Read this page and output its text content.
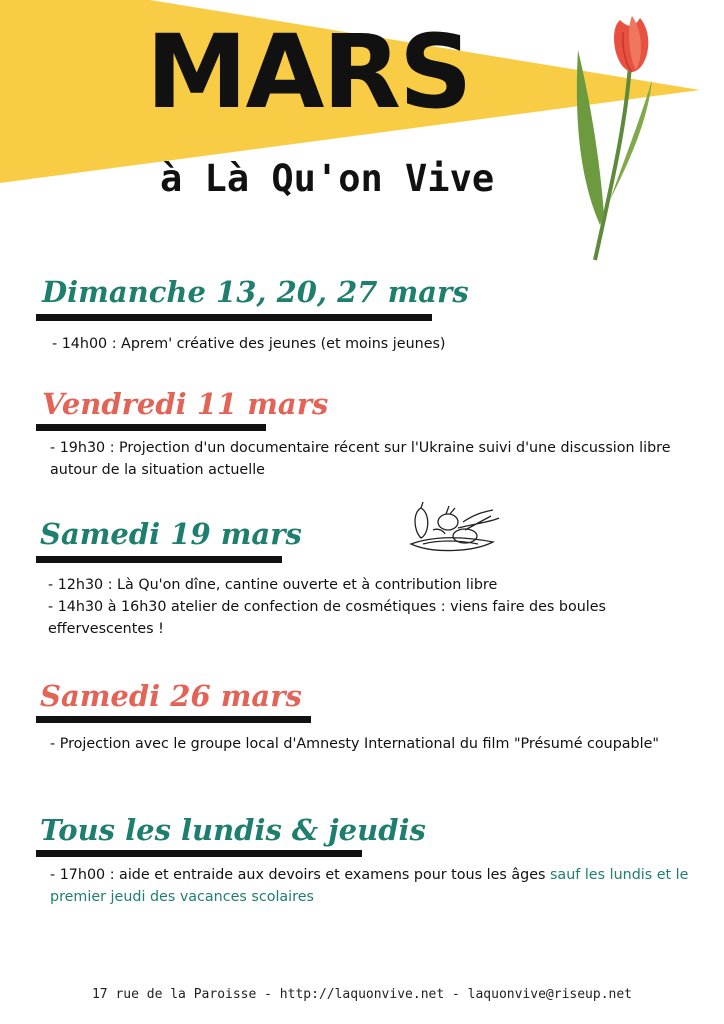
MARS
à Là Qu'on Vive
Dimanche 13, 20, 27 mars

- 14h00 : Aprem' créative des jeunes (et moins jeunes)

Vendredi 11 mars

- 19h30 : Projection d'un documentaire récent sur l'Ukraine suivi d'une discussion libre autour de la situation actuelle

Samedi 19 mars

- 12h30 : Là Qu'on dîne, cantine ouverte et à contribution libre

- 14h30 à 16h30 atelier de confection de cosmétiques : viens faire des boules effervescentes !

Samedi 26 mars

- Projection avec le groupe local d'Amnesty International du film "Présumé coupable"

Tous les lundis & jeudis

- 17h00 : aide et entraide aux devoirs et examens pour tous les âges sauf les lundis et le premier jeudi des vacances scolaires

17 rue de la Paroisse - http://laquonvive.net - laquonvive@riseup.net
